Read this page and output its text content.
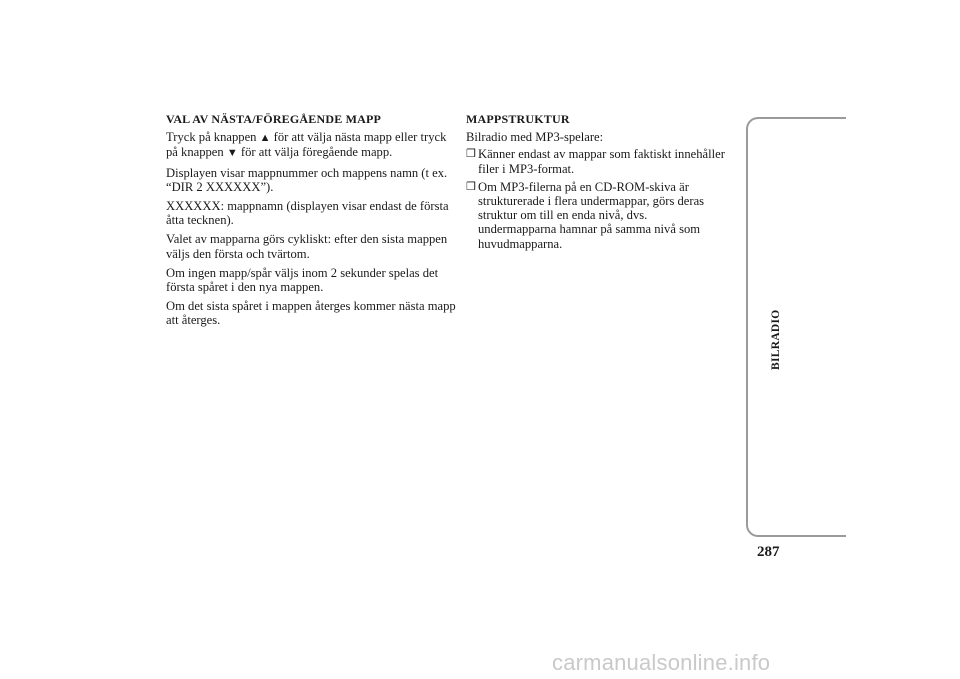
VAL AV NÄSTA/FÖREGÅENDE MAPP

Tryck på knappen ▲ för att välja nästa mapp eller tryck på knappen ▼ för att välja föregående mapp.

Displayen visar mappnummer och mappens namn (t ex. “DIR 2 XXXXXX”).

XXXXXX: mappnamn (displayen visar endast de första åtta tecknen).

Valet av mapparna görs cykliskt: efter den sista mappen väljs den första och tvärtom.

Om ingen mapp/spår väljs inom 2 sekunder spelas det första spåret i den nya mappen.

Om det sista spåret i mappen återges kommer nästa mapp att återges.

MAPPSTRUKTUR

Bilradio med MP3-spelare:

❒ Känner endast av mappar som faktiskt innehåller filer i MP3-format.
❒ Om MP3-filerna på en CD-ROM-skiva är strukturerade i flera undermappar, görs deras struktur om till en enda nivå, dvs. undermapparna hamnar på samma nivå som huvudmapparna.
BILRADIO
287
carmanualsonline.info
